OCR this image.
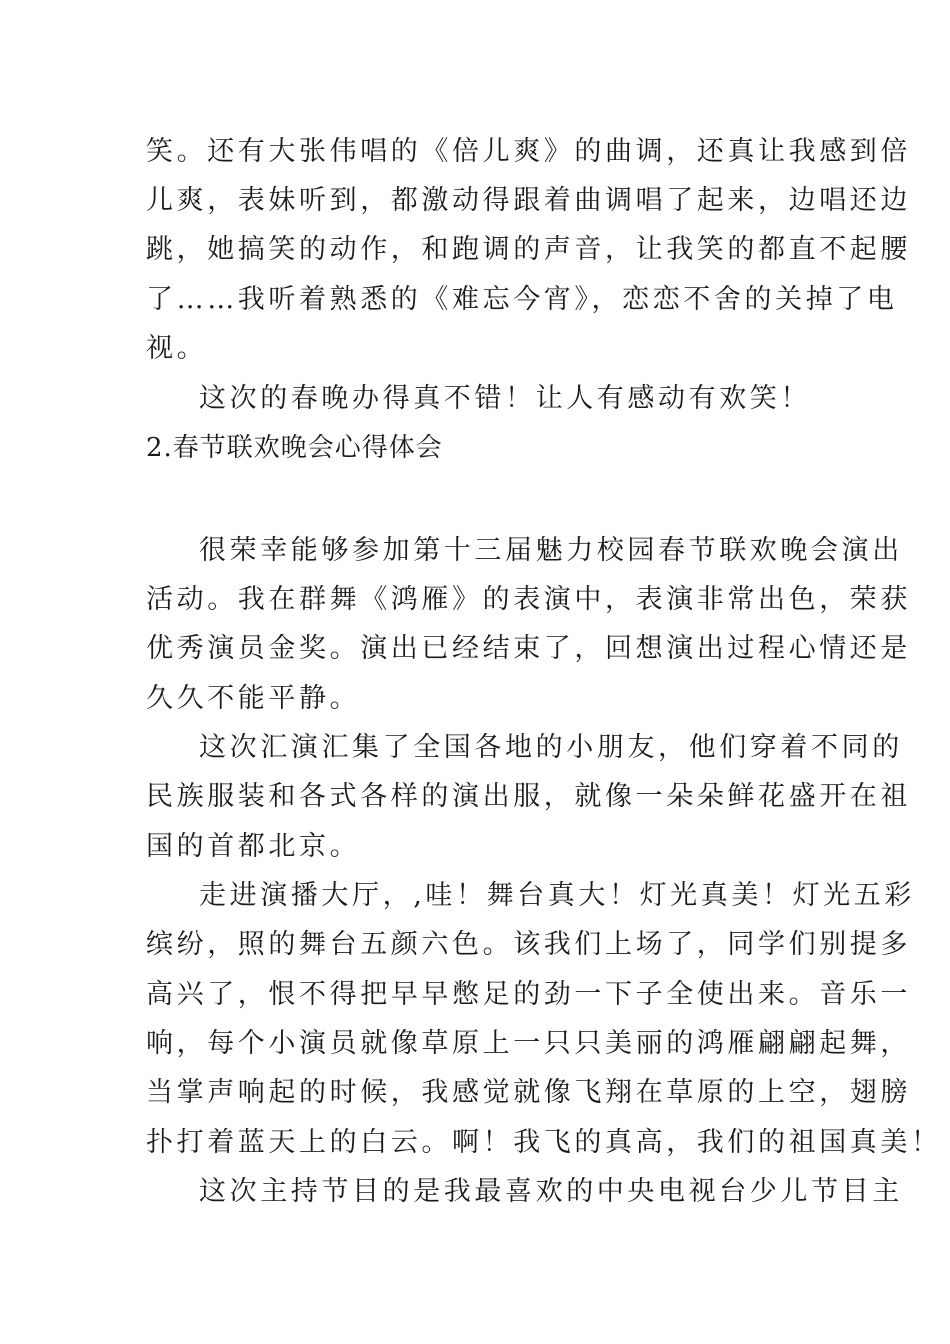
笑。还有大张伟唱的《倍儿爽》的曲调，还真让我感到倍
儿爽，表妹听到，都激动得跟着曲调唱了起来，边唱还边
跳，她搞笑的动作，和跑调的声音，让我笑的都直不起腰
了……我听着熟悉的《难忘今宵》，恋恋不舍的关掉了电
视。
这次的春晚办得真不错！让人有感动有欢笑！
2.春节联欢晚会心得体会
很荣幸能够参加第十三届魅力校园春节联欢晚会演出
活动。我在群舞《鸿雁》的表演中，表演非常出色，荣获
优秀演员金奖。演出已经结束了，回想演出过程心情还是
久久不能平静。
这次汇演汇集了全国各地的小朋友，他们穿着不同的
民族服装和各式各样的演出服，就像一朵朵鲜花盛开在祖
国的首都北京。
走进演播大厅，,哇！舞台真大！灯光真美！灯光五彩
缤纷，照的舞台五颜六色。该我们上场了，同学们别提多
高兴了，恨不得把早早憋足的劲一下子全使出来。音乐一
响，每个小演员就像草原上一只只美丽的鸿雁翩翩起舞，
当掌声响起的时候，我感觉就像飞翔在草原的上空，翅膀
扑打着蓝天上的白云。啊！我飞的真高，我们的祖国真美！
这次主持节目的是我最喜欢的中央电视台少儿节目主
